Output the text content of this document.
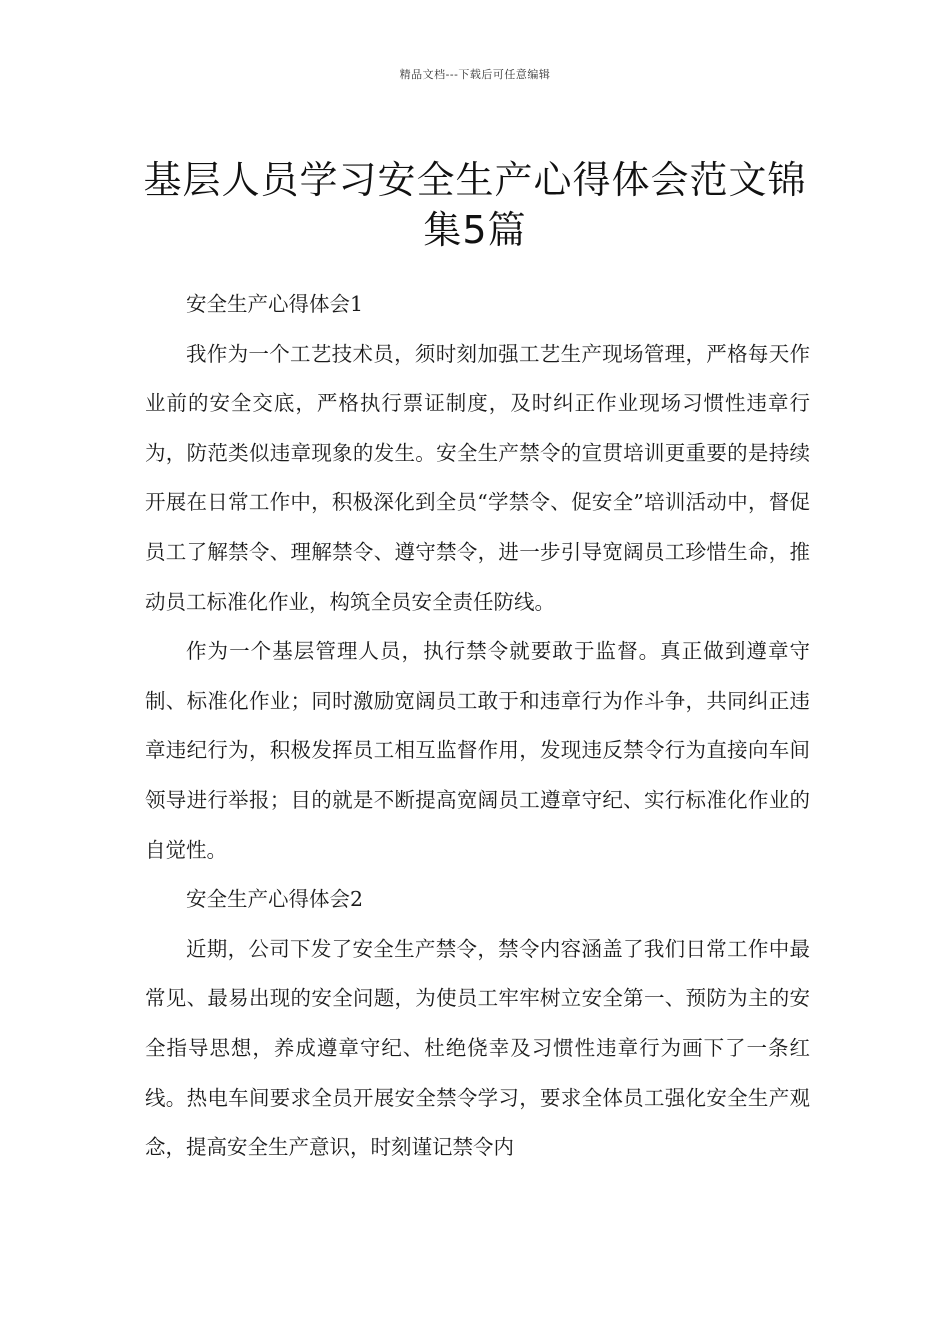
精品文档---下载后可任意编辑
基层人员学习安全生产心得体会范文锦集5篇

安全生产心得体会1

我作为一个工艺技术员，须时刻加强工艺生产现场管理，严格每天作业前的安全交底，严格执行票证制度，及时纠正作业现场习惯性违章行为，防范类似违章现象的发生。安全生产禁令的宣贯培训更重要的是持续开展在日常工作中，积极深化到全员“学禁令、促安全”培训活动中，督促员工了解禁令、理解禁令、遵守禁令，进一步引导宽阔员工珍惜生命，推动员工标准化作业，构筑全员安全责任防线。

作为一个基层管理人员，执行禁令就要敢于监督。真正做到遵章守制、标准化作业；同时激励宽阔员工敢于和违章行为作斗争，共同纠正违章违纪行为，积极发挥员工相互监督作用，发现违反禁令行为直接向车间领导进行举报；目的就是不断提高宽阔员工遵章守纪、实行标准化作业的自觉性。

安全生产心得体会2

近期，公司下发了安全生产禁令，禁令内容涵盖了我们日常工作中最常见、最易出现的安全问题，为使员工牢牢树立安全第一、预防为主的安全指导思想，养成遵章守纪、杜绝侥幸及习惯性违章行为画下了一条红线。热电车间要求全员开展安全禁令学习，要求全体员工强化安全生产观念，提高安全生产意识，时刻谨记禁令内
